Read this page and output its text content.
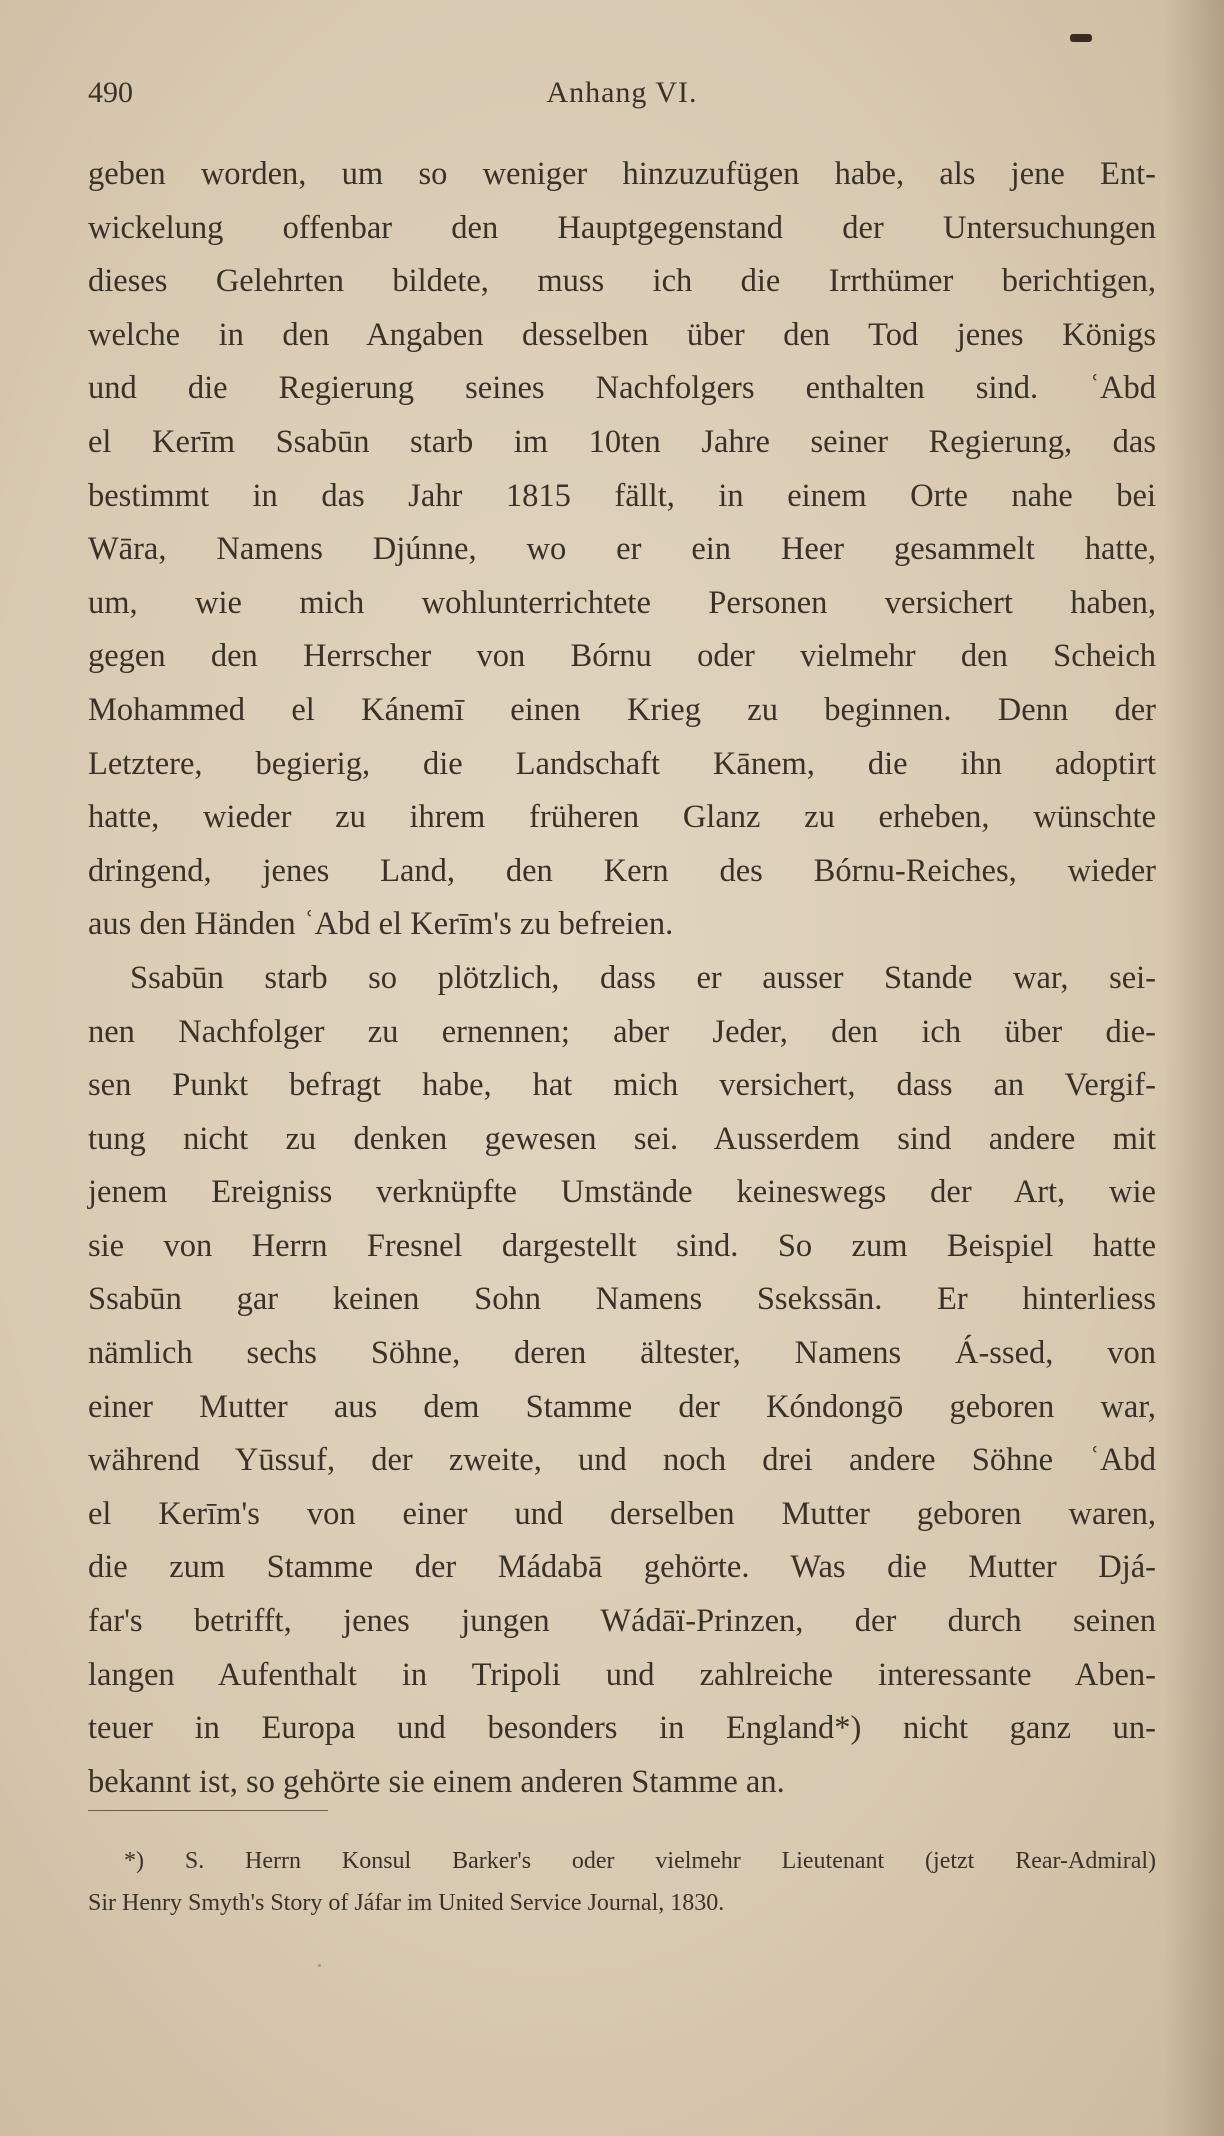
490	Anhang VI.
geben worden, um so weniger hinzuzufügen habe, als jene Ent-
wickelung offenbar den Hauptgegenstand der Untersuchungen
dieses Gelehrten bildete, muss ich die Irrthümer berichtigen,
welche in den Angaben desselben über den Tod jenes Königs
und die Regierung seines Nachfolgers enthalten sind. ʿAbd
el Kerīm Ssabūn starb im 10ten Jahre seiner Regierung, das
bestimmt in das Jahr 1815 fällt, in einem Orte nahe bei
Wāra, Namens Djúnne, wo er ein Heer gesammelt hatte,
um, wie mich wohlunterrichtete Personen versichert haben,
gegen den Herrscher von Bórnu oder vielmehr den Scheich
Mohammed el Kánemī einen Krieg zu beginnen. Denn der
Letztere, begierig, die Landschaft Kānem, die ihn adoptirt
hatte, wieder zu ihrem früheren Glanz zu erheben, wünschte
dringend, jenes Land, den Kern des Bórnu-Reiches, wieder
aus den Händen ʿAbd el Kerīm's zu befreien.
Ssabūn starb so plötzlich, dass er ausser Stande war, sei-
nen Nachfolger zu ernennen; aber Jeder, den ich über die-
sen Punkt befragt habe, hat mich versichert, dass an Vergif-
tung nicht zu denken gewesen sei. Ausserdem sind andere mit
jenem Ereigniss verknüpfte Umstände keineswegs der Art, wie
sie von Herrn Fresnel dargestellt sind. So zum Beispiel hatte
Ssabūn gar keinen Sohn Namens Ssekssān. Er hinterliess
nämlich sechs Söhne, deren ältester, Namens Á-ssed, von
einer Mutter aus dem Stamme der Kóndongō geboren war,
während Yūssuf, der zweite, und noch drei andere Söhne ʿAbd
el Kerīm's von einer und derselben Mutter geboren waren,
die zum Stamme der Mádabā gehörte. Was die Mutter Djá-
far's betrifft, jenes jungen Wádāï-Prinzen, der durch seinen
langen Aufenthalt in Tripoli und zahlreiche interessante Aben-
teuer in Europa und besonders in England*) nicht ganz un-
bekannt ist, so gehörte sie einem anderen Stamme an.
*) S. Herrn Konsul Barker's oder vielmehr Lieutenant (jetzt Rear-Admiral)
Sir Henry Smyth's Story of Jáfar im United Service Journal, 1830.
